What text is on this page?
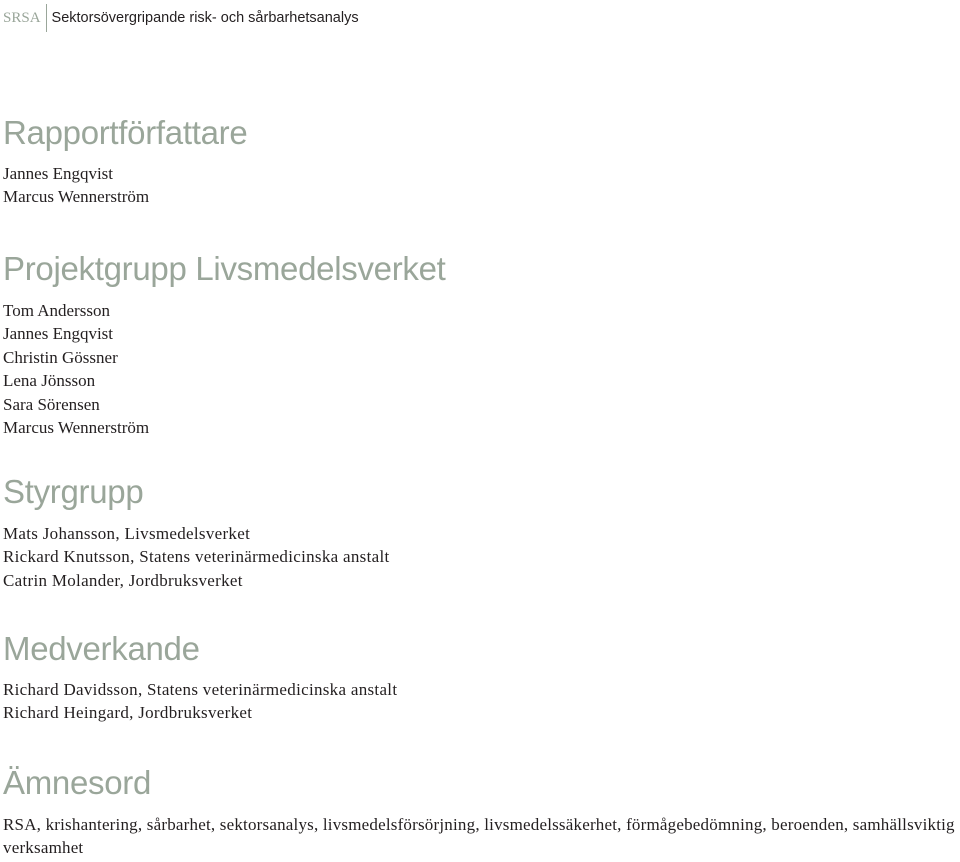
SRSA Sektorsövergripande risk- och sårbarhetsanalys
Rapportförfattare
Jannes Engqvist
Marcus Wennerström
Projektgrupp Livsmedelsverket
Tom Andersson
Jannes Engqvist
Christin Gössner
Lena Jönsson
Sara Sörensen
Marcus Wennerström
Styrgrupp
Mats Johansson, Livsmedelsverket
Rickard Knutsson, Statens veterinärmedicinska anstalt
Catrin Molander, Jordbruksverket
Medverkande
Richard Davidsson, Statens veterinärmedicinska anstalt
Richard Heingard, Jordbruksverket
Ämnesord

RSA, krishantering, sårbarhet, sektorsanalys, livsmedelsförsörjning, livsmedelssäkerhet, förmågebedömning, beroenden, samhällsviktig verksamhet
